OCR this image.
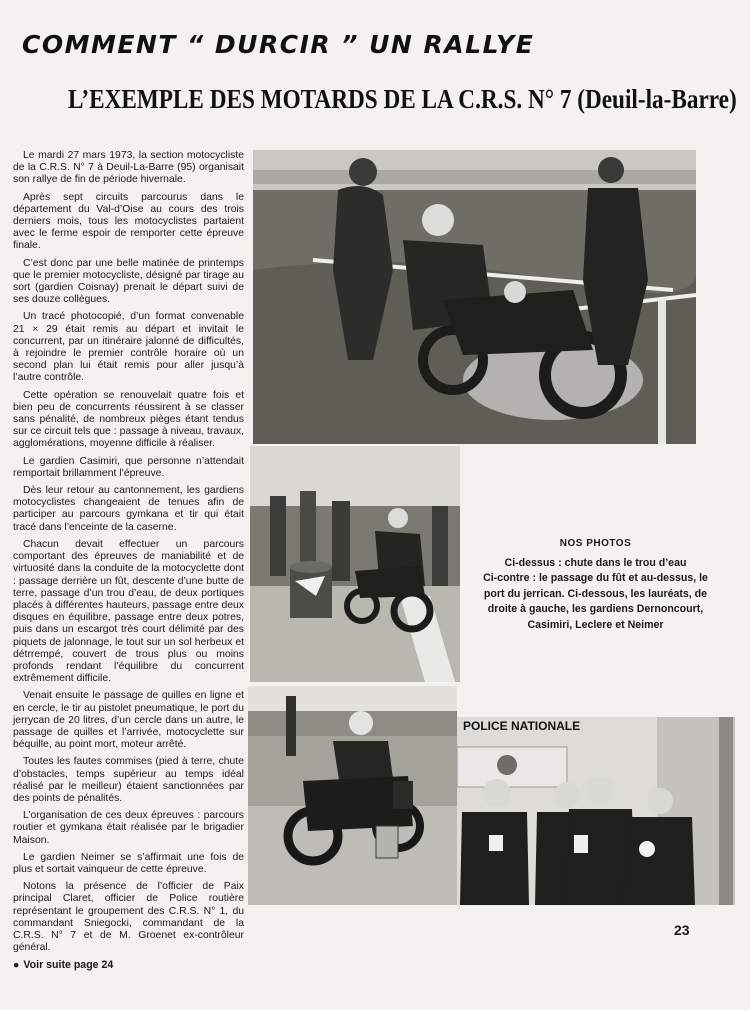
COMMENT “ DURCIR ” UN RALLYE
L’EXEMPLE DES MOTARDS DE LA C.R.S. N° 7 (Deuil-la-Barre)

Le mardi 27 mars 1973, la section motocycliste de la C.R.S. N° 7 à Deuil-La-Barre (95) organisait son rallye de fin de période hivernale.

Après sept circuits parcourus dans le département du Val-d’Oise au cours des trois derniers mois, tous les motocyclistes partaient avec le ferme espoir de remporter cette épreuve finale.

C’est donc par une belle matinée de printemps que le premier motocycliste, désigné par tirage au sort (gardien Coisnay) prenait le départ suivi de ses douze collègues.

Un tracé photocopié, d’un format convenable 21 × 29 était remis au départ et invitait le concurrent, par un itinéraire jalonné de difficultés, à rejoindre le premier contrôle horaire où un second plan lui était remis pour aller jusqu’à l’autre contrôle.

Cette opération se renouvelait quatre fois et bien peu de concurrents réussirent à se classer sans pénalité, de nombreux pièges étant tendus sur ce circuit tels que : passage à niveau, travaux, agglomérations, moyenne difficile à réaliser.

Le gardien Casimiri, que personne n’attendait remportait brillamment l’épreuve.

Dès leur retour au cantonnement, les gardiens motocyclistes changeaient de tenues afin de participer au parcours gymkana et tir qui était tracé dans l’enceinte de la caserne.

Chacun devait effectuer un parcours comportant des épreuves de maniabilité et de virtuosité dans la conduite de la motocyclette dont : passage derrière un fût, descente d’une butte de terre, passage d’un trou d’eau, de deux portiques placés à différentes hauteurs, passage entre deux disques en équilibre, passage entre deux potres, puis dans un escargot très court délimité par des piquets de jalonnage, le tout sur un sol herbeux et détrrempé, couvert de trous plus ou moins profonds rendant l’équilibre du concurrent extrêmement difficile.

Venait ensuite le passage de quilles en ligne et en cercle, le tir au pistolet pneumatique, le port du jerrycan de 20 litres, d’un cercle dans un autre, le passage de quilles et l’arrivée, motocyclette sur béquille, au point mort, moteur arrêté.

Toutes les fautes commises (pied à terre, chute d’obstacles, temps supérieur au temps idéal réalisé par le meilleur) étaient sanctionnées par des points de pénalités.

L’organisation de ces deux épreuves : parcours routier et gymkana était réalisée par le brigadier Maison.

Le gardien Neimer se s’affirmait une fois de plus et sortait vainqueur de cette épreuve.

Notons la présence de l’officier de Paix principal Claret, officier de Police routière représentant le groupement des C.R.S. N° 1, du commandant Sniegocki, commandant de la C.R.S. N° 7 et de M. Groenet ex-contrôleur général.

● Voir suite page 24
POLICE NATIONALE
NOS PHOTOS
Ci-dessus : chute dans le trou d’eau
Ci-contre : le passage du fût et au-dessus, le port du jerrican. Ci-dessous, les lauréats, de droite à gauche, les gardiens Dernoncourt, Casimiri, Leclere et Neimer
23
